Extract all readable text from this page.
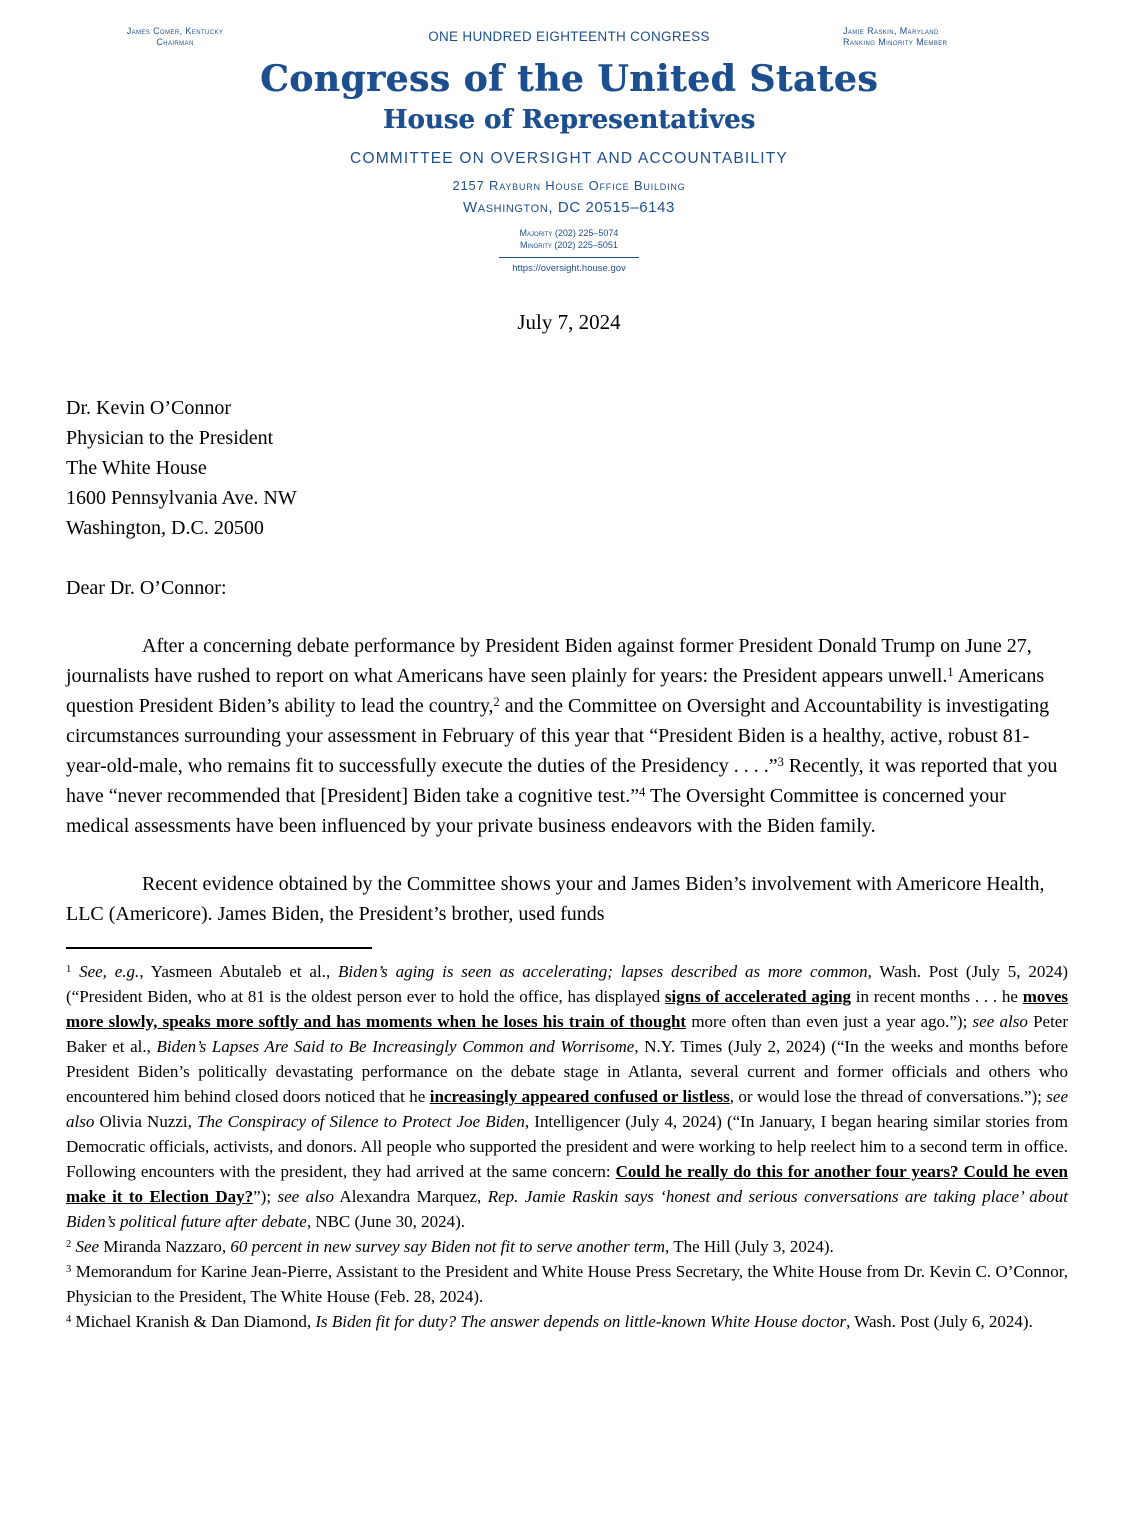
James Comer, Kentucky
Chairman	ONE HUNDRED EIGHTEENTH CONGRESS	Jamie Raskin, Maryland
Ranking Minority Member
Congress of the United States
House of Representatives
COMMITTEE ON OVERSIGHT AND ACCOUNTABILITY
2157 Rayburn House Office Building
Washington, DC 20515–6143
Majority (202) 225–5074
Minority (202) 225–5051
https://oversight.house.gov
July 7, 2024
Dr. Kevin O’Connor
Physician to the President
The White House
1600 Pennsylvania Ave. NW
Washington, D.C. 20500
Dear Dr. O’Connor:

After a concerning debate performance by President Biden against former President Donald Trump on June 27, journalists have rushed to report on what Americans have seen plainly for years: the President appears unwell.$^1$ Americans question President Biden’s ability to lead the country,$^2$ and the Committee on Oversight and Accountability is investigating circumstances surrounding your assessment in February of this year that “President Biden is a healthy, active, robust 81-year-old-male, who remains fit to successfully execute the duties of the Presidency . . . .”$^3$ Recently, it was reported that you have “never recommended that [President] Biden take a cognitive test.”$^4$ The Oversight Committee is concerned your medical assessments have been influenced by your private business endeavors with the Biden family.

Recent evidence obtained by the Committee shows your and James Biden’s involvement with Americore Health, LLC (Americore). James Biden, the President’s brother, used funds

$^1$ See, e.g., Yasmeen Abutaleb et al., Biden’s aging is seen as accelerating; lapses described as more common, Wash. Post (July 5, 2024) (“President Biden, who at 81 is the oldest person ever to hold the office, has displayed signs of accelerated aging in recent months . . . he moves more slowly, speaks more softly and has moments when he loses his train of thought more often than even just a year ago.”); see also Peter Baker et al., Biden’s Lapses Are Said to Be Increasingly Common and Worrisome, N.Y. Times (July 2, 2024) (“In the weeks and months before President Biden’s politically devastating performance on the debate stage in Atlanta, several current and former officials and others who encountered him behind closed doors noticed that he increasingly appeared confused or listless, or would lose the thread of conversations.”); see also Olivia Nuzzi, The Conspiracy of Silence to Protect Joe Biden, Intelligencer (July 4, 2024) (“In January, I began hearing similar stories from Democratic officials, activists, and donors. All people who supported the president and were working to help reelect him to a second term in office. Following encounters with the president, they had arrived at the same concern: Could he really do this for another four years? Could he even make it to Election Day?”); see also Alexandra Marquez, Rep. Jamie Raskin says ‘honest and serious conversations are taking place’ about Biden’s political future after debate, NBC (June 30, 2024).
$^2$ See Miranda Nazzaro, 60 percent in new survey say Biden not fit to serve another term, The Hill (July 3, 2024).
$^3$ Memorandum for Karine Jean-Pierre, Assistant to the President and White House Press Secretary, the White House from Dr. Kevin C. O’Connor, Physician to the President, The White House (Feb. 28, 2024).
$^4$ Michael Kranish & Dan Diamond, Is Biden fit for duty? The answer depends on little-known White House doctor, Wash. Post (July 6, 2024).
